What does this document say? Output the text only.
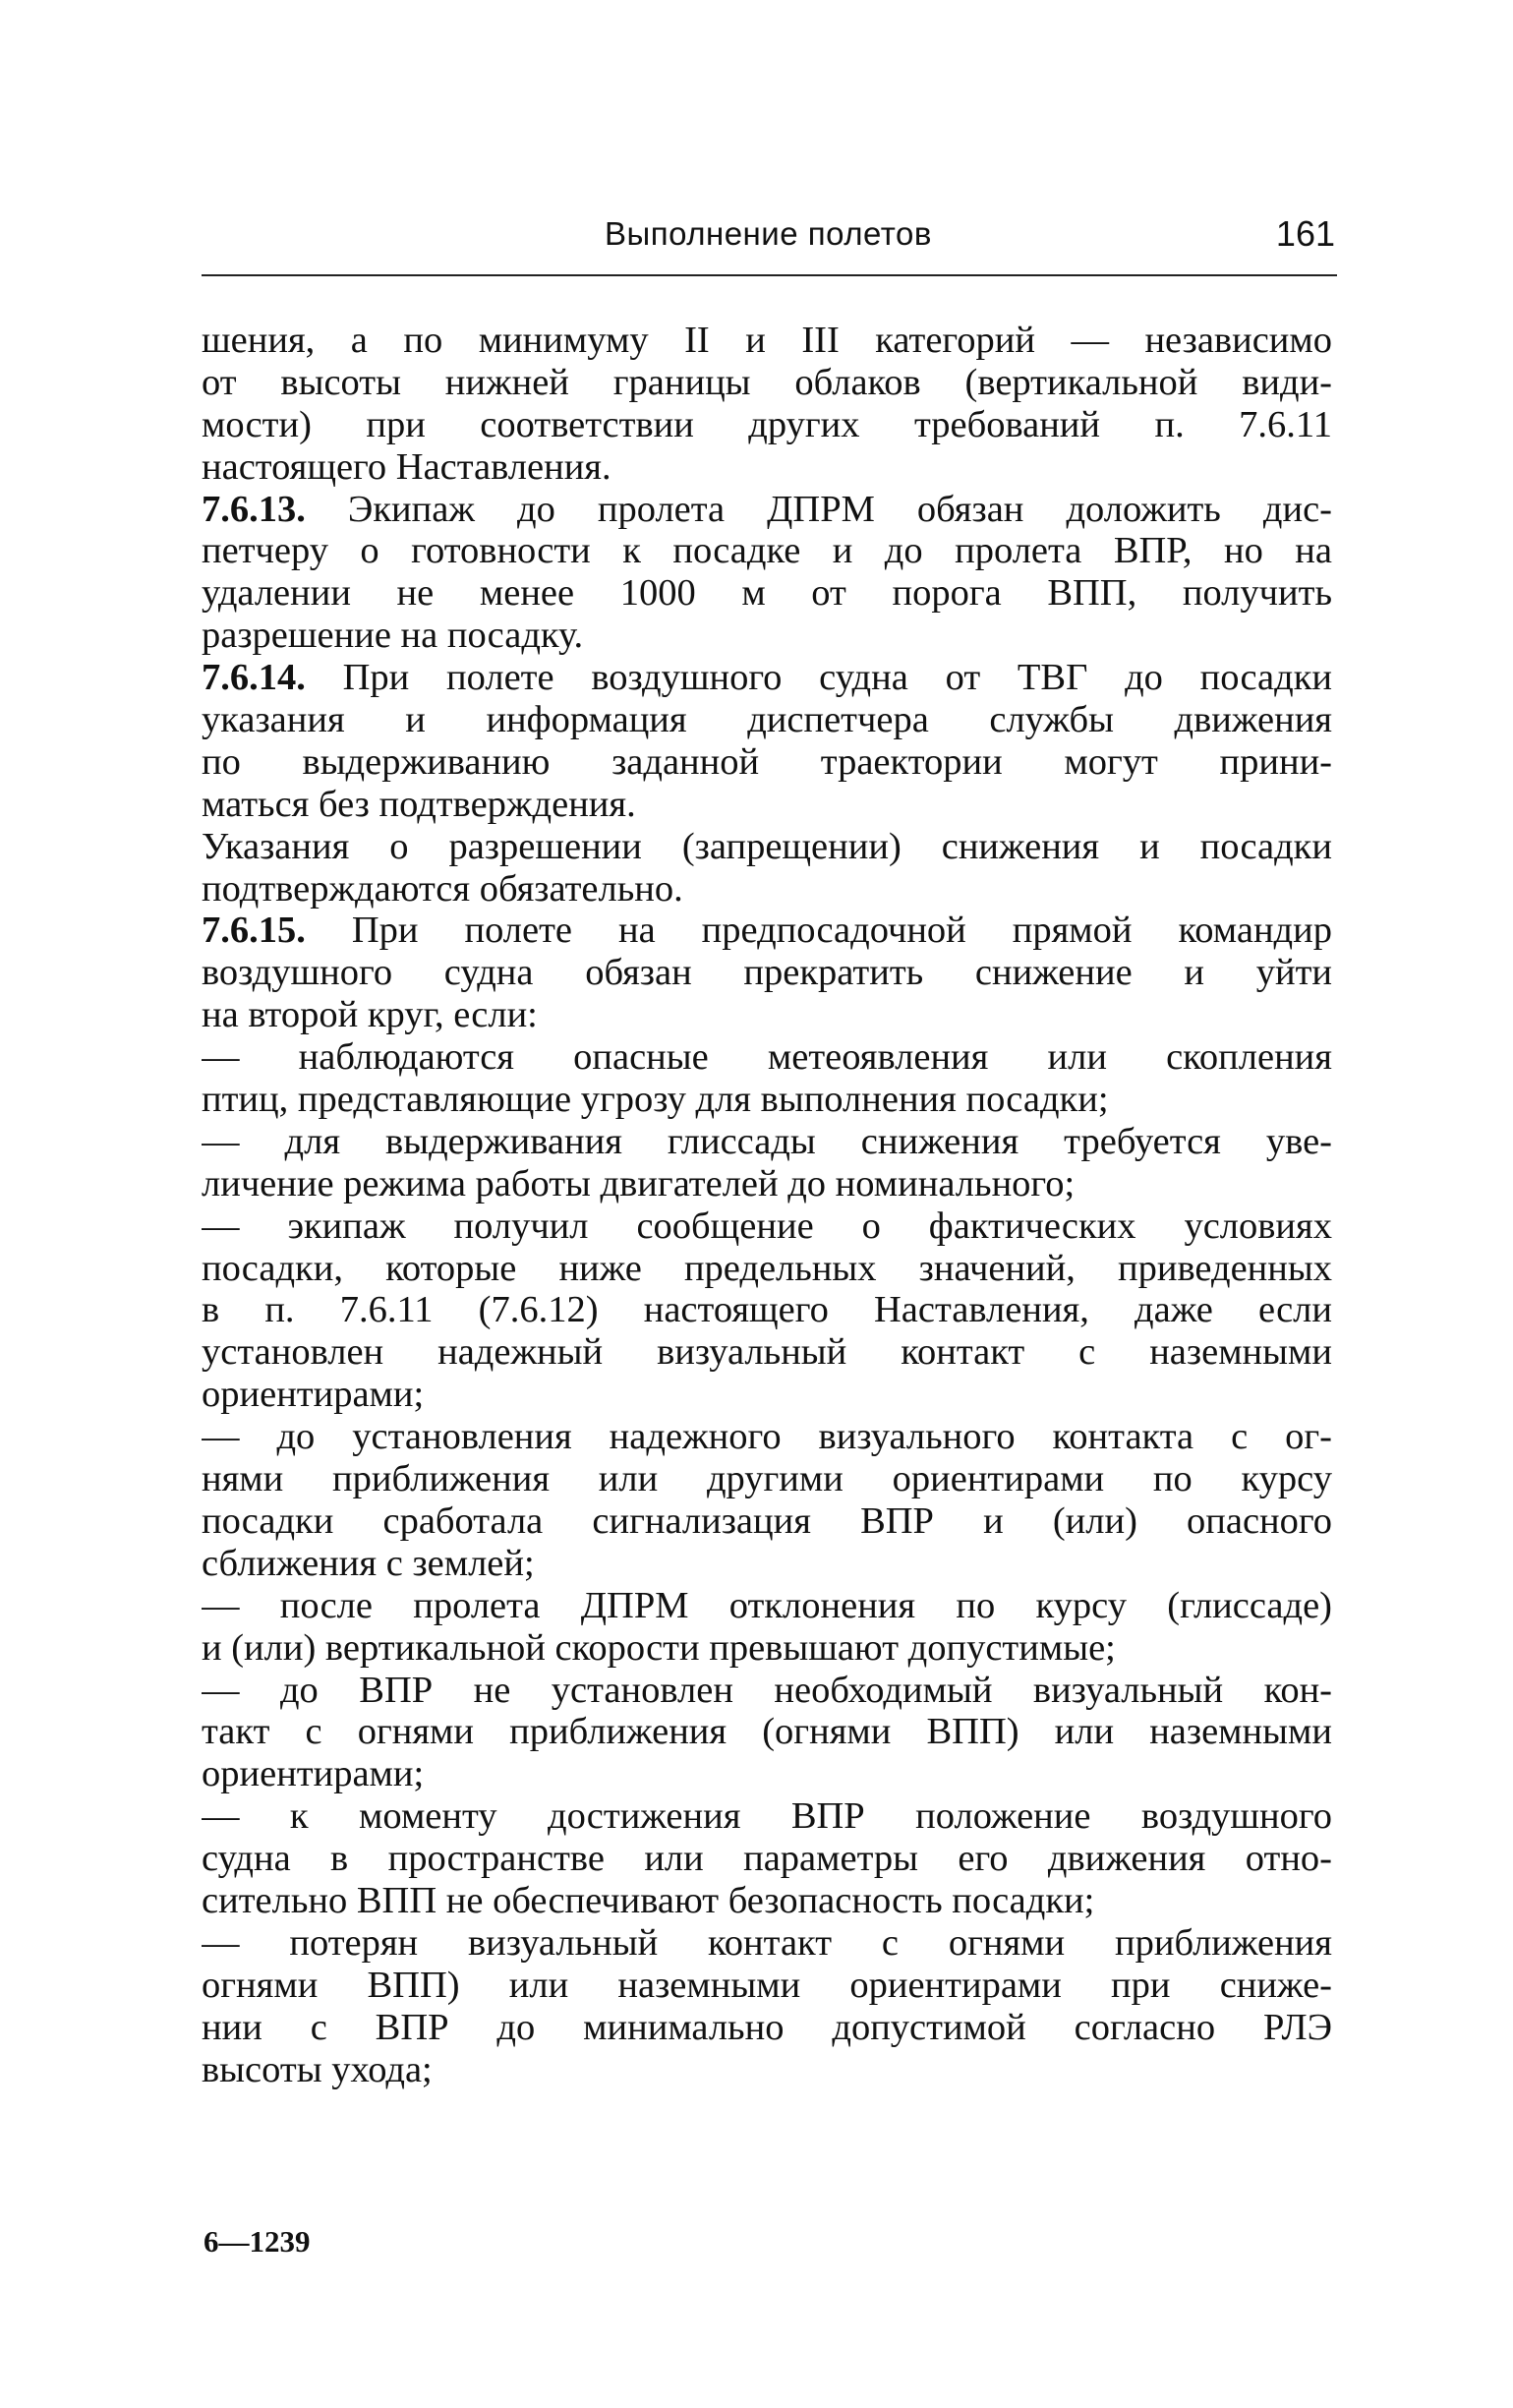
Выполнение полетов	161
шения, а по минимуму II и III категорий — независимо
от высоты нижней границы облаков (вертикальной види-
мости) при соответствии других требований п. 7.6.11
настоящего Наставления.
7.6.13. Экипаж до пролета ДПРМ обязан доложить дис-
петчеру о готовности к посадке и до пролета ВПР, но на
удалении не менее 1000 м от порога ВПП, получить
разрешение на посадку.
7.6.14. При полете воздушного судна от ТВГ до посадки
указания и информация диспетчера службы движения
по выдерживанию заданной траектории могут прини-
маться без подтверждения.
Указания о разрешении (запрещении) снижения и посадки
подтверждаются обязательно.
7.6.15. При полете на предпосадочной прямой командир
воздушного судна обязан прекратить снижение и уйти
на второй круг, если:
— наблюдаются опасные метеоявления или скопления
птиц, представляющие угрозу для выполнения посадки;
— для выдерживания глиссады снижения требуется уве-
личение режима работы двигателей до номинального;
— экипаж получил сообщение о фактических условиях
посадки, которые ниже предельных значений, приведенных
в п. 7.6.11 (7.6.12) настоящего Наставления, даже если
установлен надежный визуальный контакт с наземными
ориентирами;
— до установления надежного визуального контакта с ог-
нями приближения или другими ориентирами по курсу
посадки сработала сигнализация ВПР и (или) опасного
сближения с землей;
— после пролета ДПРМ отклонения по курсу (глиссаде)
и (или) вертикальной скорости превышают допустимые;
— до ВПР не установлен необходимый визуальный кон-
такт с огнями приближения (огнями ВПП) или наземными
ориентирами;
— к моменту достижения ВПР положение воздушного
судна в пространстве или параметры его движения отно-
сительно ВПП не обеспечивают безопасность посадки;
— потерян визуальный контакт с огнями приближения
огнями ВПП) или наземными ориентирами при сниже-
нии с ВПР до минимально допустимой согласно РЛЭ
высоты ухода;
6—1239
